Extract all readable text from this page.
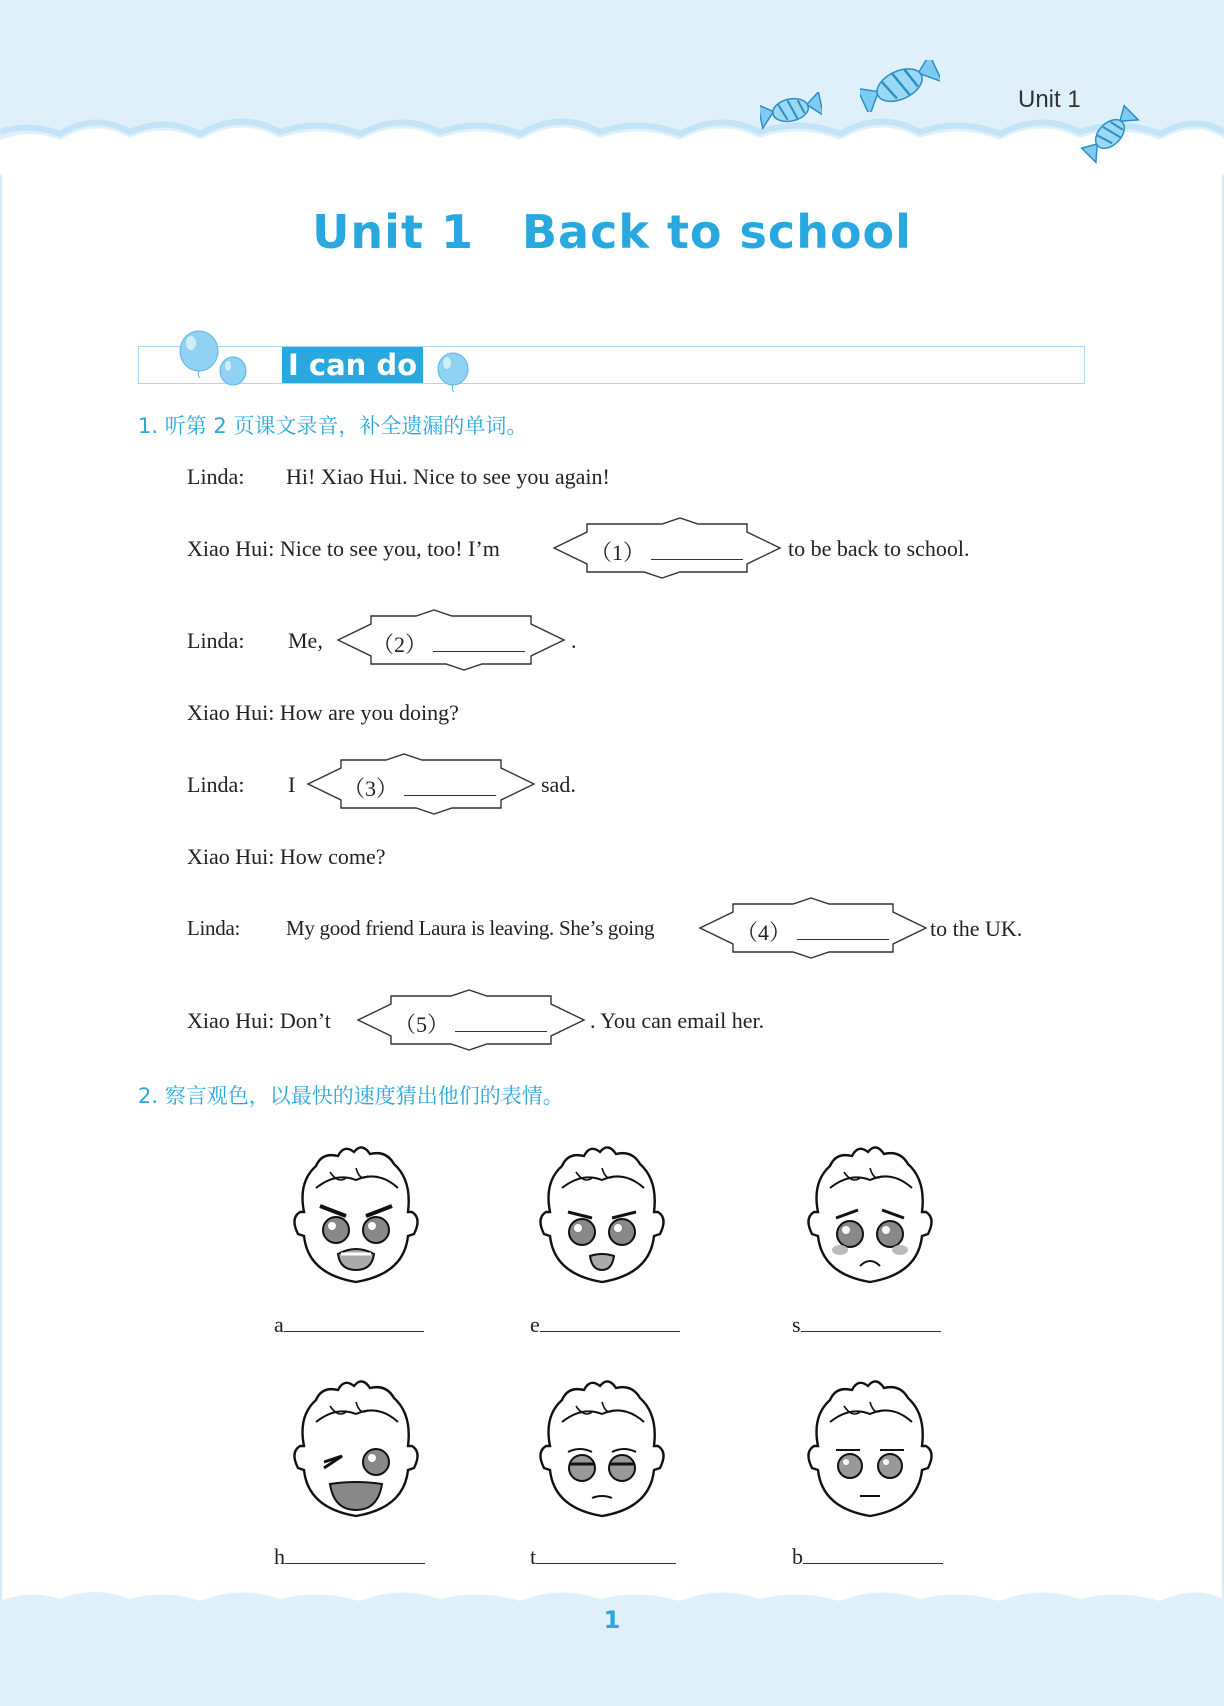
Unit 1
Unit 1 Back to school
I can do
1. 听第 2 页课文录音，补全遗漏的单词。
Linda: Hi! Xiao Hui. Nice to see you again!
Xiao Hui: Nice to see you, too! I’m	（1）	to be back to school.
Linda: Me, （2）	.
Xiao Hui: How are you doing?
Linda: I （3）	sad.
Xiao Hui: How come?
Linda: My good friend Laura is leaving. She’s going	（4）	to the UK.
Xiao Hui: Don’t	（5）	. You can email her.
2. 察言观色，以最快的速度猜出他们的表情。
a	e	s
h	t	b
1
